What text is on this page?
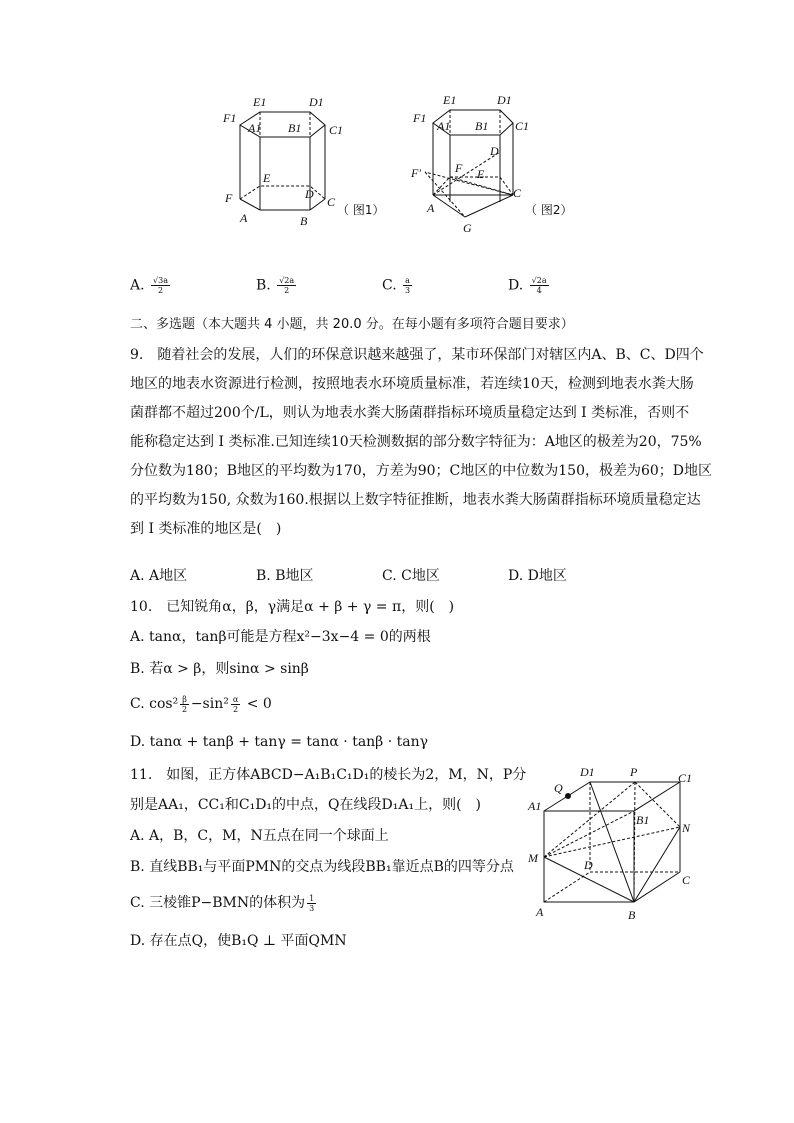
F1
E1	D1
C1
A1 B1
F
E
D
C
A	B
（ 图1）
E1	D1
F1
A1 B1 C1
D
F
F'	E
A
C
G
（ 图2）
A. $\frac{√3a}{2}$	B. $\frac{√2a}{2}$	C. $\frac{a}{3}$	D. $\frac{√2a}{4}$
二、多选题（本大题共 4 小题，共 20.0 分。在每小题有多项符合题目要求）
9.　随着社会的发展，人们的环保意识越来越强了，某市环保部门对辖区内A、B、C、D四个
地区的地表水资源进行检测，按照地表水环境质量标准，若连续10天，检测到地表水粪大肠
菌群都不超过200个/L，则认为地表水粪大肠菌群指标环境质量稳定达到 I 类标准，否则不
能称稳定达到 I 类标准.已知连续10天检测数据的部分数字特征为：A地区的极差为20，75%
分位数为180；B地区的平均数为170，方差为90；C地区的中位数为150，极差为60；D地区
的平均数为150, 众数为160.根据以上数字特征推断，地表水粪大肠菌群指标环境质量稳定达
到 I 类标准的地区是(　)
A. A地区	B. B地区	C. C地区	D. D地区
10.　已知锐角α，β，γ满足α + β + γ = π，则(　)
A. tanα，tanβ可能是方程x²−3x−4 = 0的两根
B. 若α > β，则sinα > sinβ
C. $\cos^2 \frac{\beta}{2} -\sin^2 \frac{\alpha}{2} < 0$
D. tanα + tanβ + tanγ = tanα · tanβ · tanγ
11.　如图，正方体ABCD−A₁B₁C₁D₁的棱长为2，M，N，P分
别是AA₁，CC₁和C₁D₁的中点，Q在线段D₁A₁上，则(　)
A. A，B，C，M，N五点在同一个球面上
B. 直线BB₁与平面PMN的交点为线段BB₁靠近点B的四等分点
C. 三棱锥P−BMN的体积为 $\frac{1}{3}$
D. 存在点Q，使B₁Q ⊥ 平面QMN
Q
D1	P	C1
A1
B1
N
M	D
C
A	B
